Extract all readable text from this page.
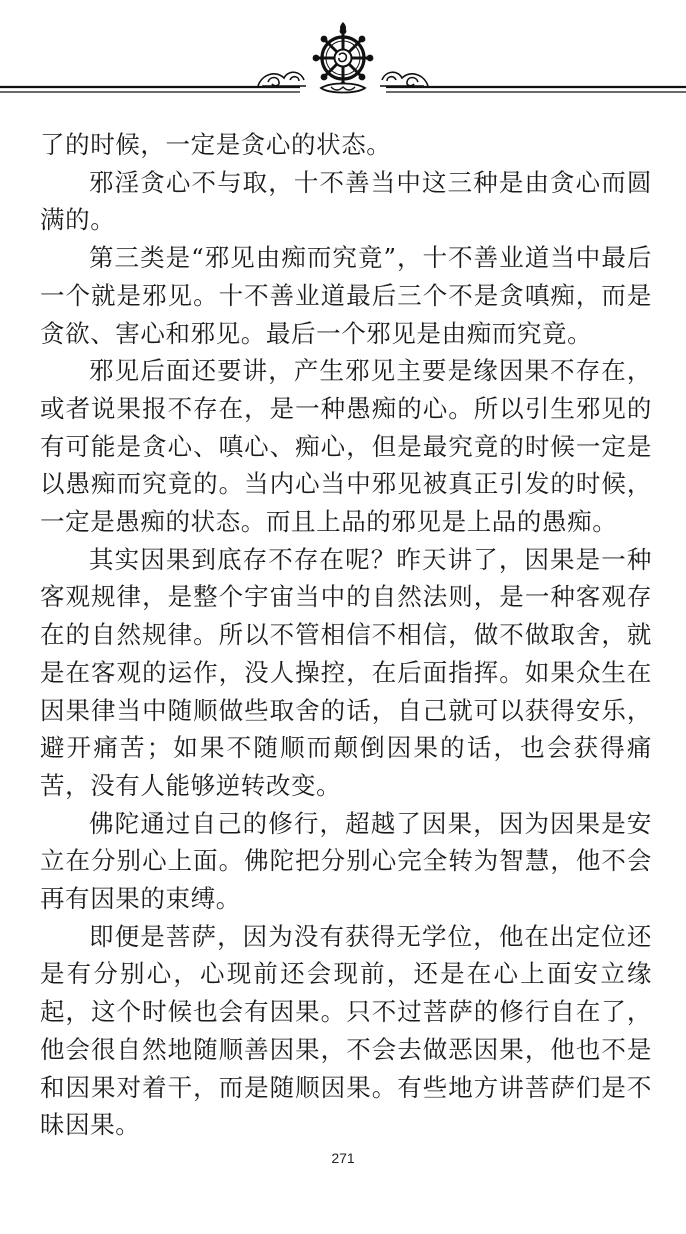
了的时候，一定是贪心的状态。

邪淫贪心不与取，十不善当中这三种是由贪心而圆满的。

第三类是“邪见由痴而究竟”，十不善业道当中最后一个就是邪见。十不善业道最后三个不是贪嗔痴，而是贪欲、害心和邪见。最后一个邪见是由痴而究竟。

邪见后面还要讲，产生邪见主要是缘因果不存在，或者说果报不存在，是一种愚痴的心。所以引生邪见的有可能是贪心、嗔心、痴心，但是最究竟的时候一定是以愚痴而究竟的。当内心当中邪见被真正引发的时候，一定是愚痴的状态。而且上品的邪见是上品的愚痴。

其实因果到底存不存在呢？昨天讲了，因果是一种客观规律，是整个宇宙当中的自然法则，是一种客观存在的自然规律。所以不管相信不相信，做不做取舍，就是在客观的运作，没人操控，在后面指挥。如果众生在因果律当中随顺做些取舍的话，自己就可以获得安乐，避开痛苦；如果不随顺而颠倒因果的话，也会获得痛苦，没有人能够逆转改变。

佛陀通过自己的修行，超越了因果，因为因果是安立在分别心上面。佛陀把分别心完全转为智慧，他不会再有因果的束缚。

即便是菩萨，因为没有获得无学位，他在出定位还是有分别心，心现前还会现前，还是在心上面安立缘起，这个时候也会有因果。只不过菩萨的修行自在了，他会很自然地随顺善因果，不会去做恶因果，他也不是和因果对着干，而是随顺因果。有些地方讲菩萨们是不昧因果。

271
